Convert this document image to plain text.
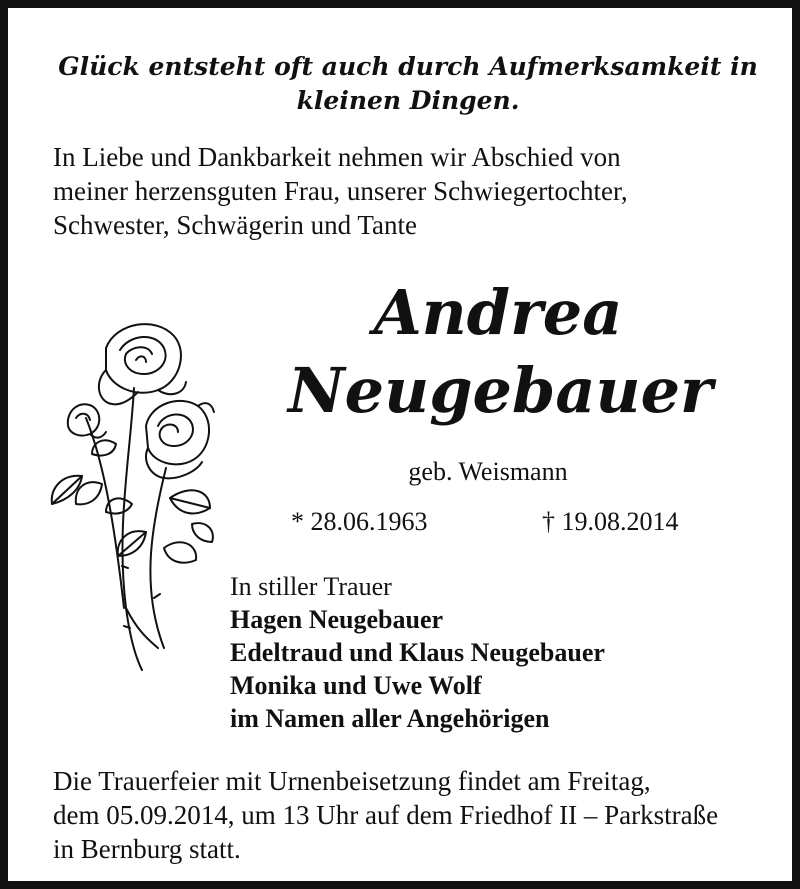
Glück entsteht oft auch durch Aufmerksamkeit in
kleinen Dingen.
In Liebe und Dankbarkeit nehmen wir Abschied von
meiner herzensguten Frau, unserer Schwiegertochter,
Schwester, Schwägerin und Tante
Andrea
Neugebauer
geb. Weismann
* 28.06.1963	† 19.08.2014
In stiller Trauer
Hagen Neugebauer
Edeltraud und Klaus Neugebauer
Monika und Uwe Wolf
im Namen aller Angehörigen
Die Trauerfeier mit Urnenbeisetzung findet am Freitag,
dem 05.09.2014, um 13 Uhr auf dem Friedhof II – Parkstraße
in Bernburg statt.
